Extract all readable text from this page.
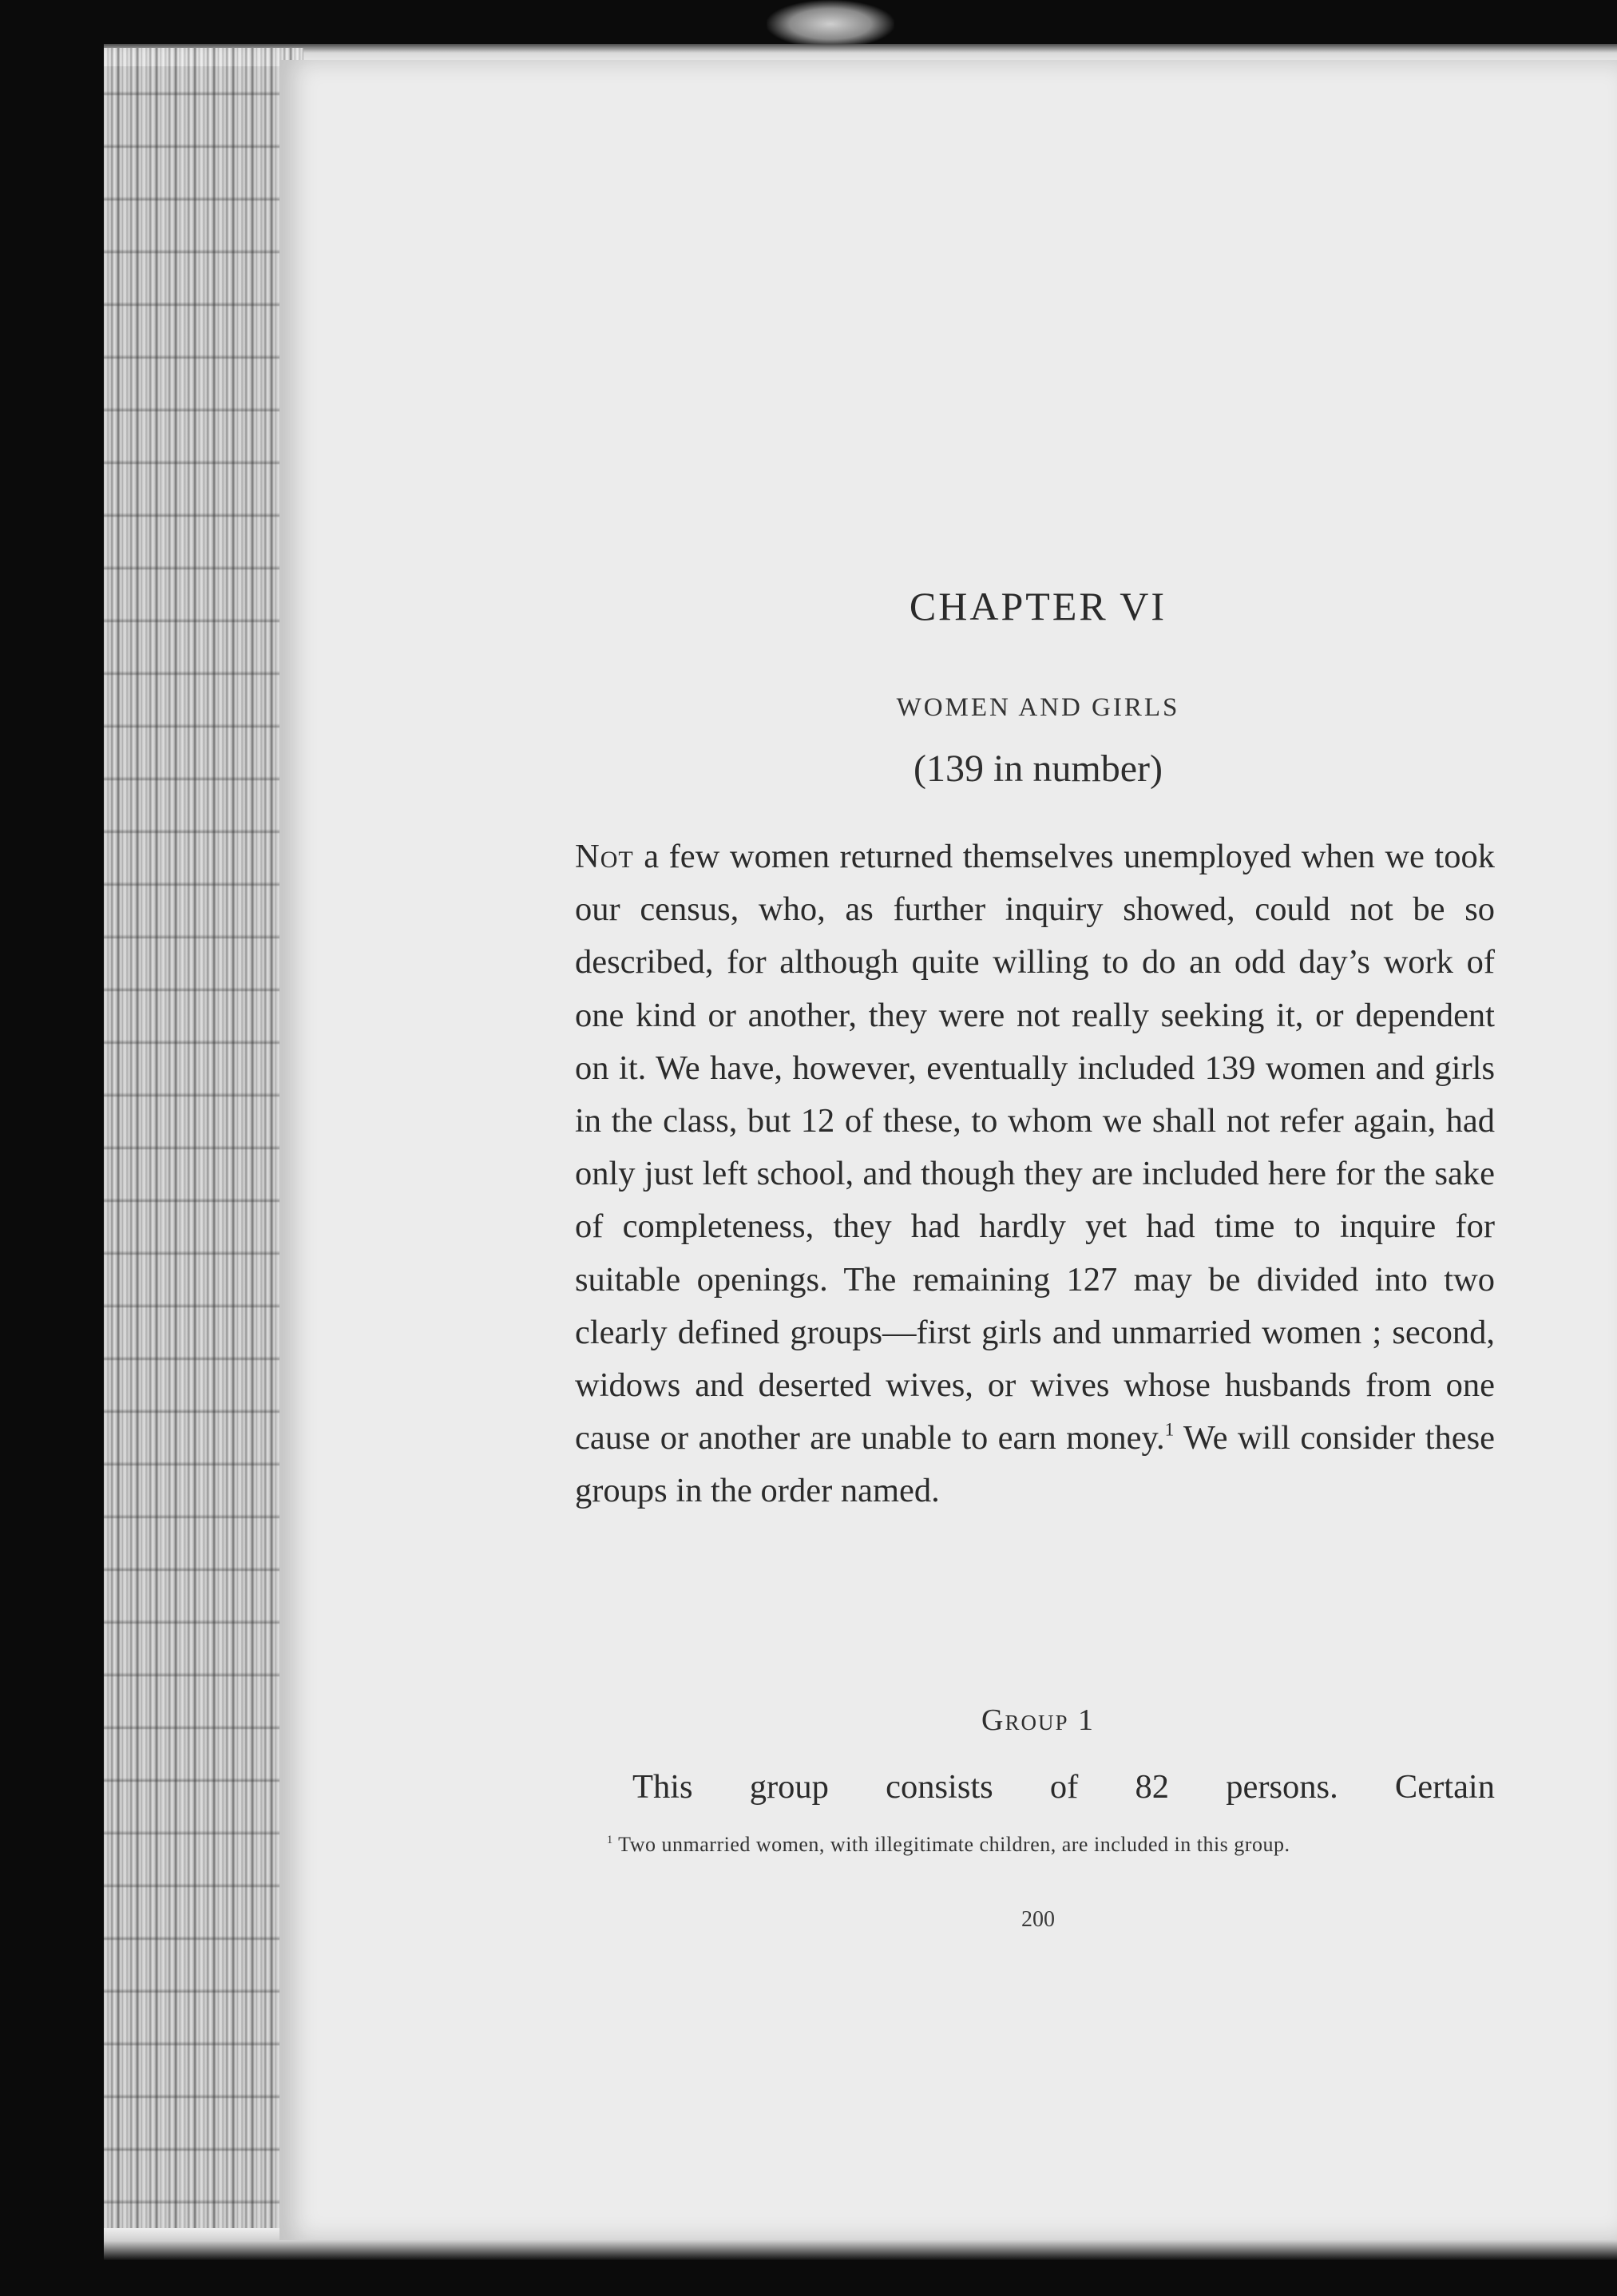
CHAPTER VI
WOMEN AND GIRLS

(139 in number)

Not a few women returned themselves unemployed when we took our census, who, as further inquiry showed, could not be so described, for although quite willing to do an odd day’s work of one kind or another, they were not really seeking it, or dependent on it. We have, however, eventually included 139 women and girls in the class, but 12 of these, to whom we shall not refer again, had only just left school, and though they are included here for the sake of completeness, they had hardly yet had time to inquire for suitable openings. The remaining 127 may be divided into two clearly defined groups—first girls and unmarried women ; second, widows and deserted wives, or wives whose husbands from one cause or another are unable to earn money.$^1$ We will consider these groups in the order named.

Group 1

This group consists of 82 persons. Certain

$^1$ Two unmarried women, with illegitimate children, are included in this group.

200
